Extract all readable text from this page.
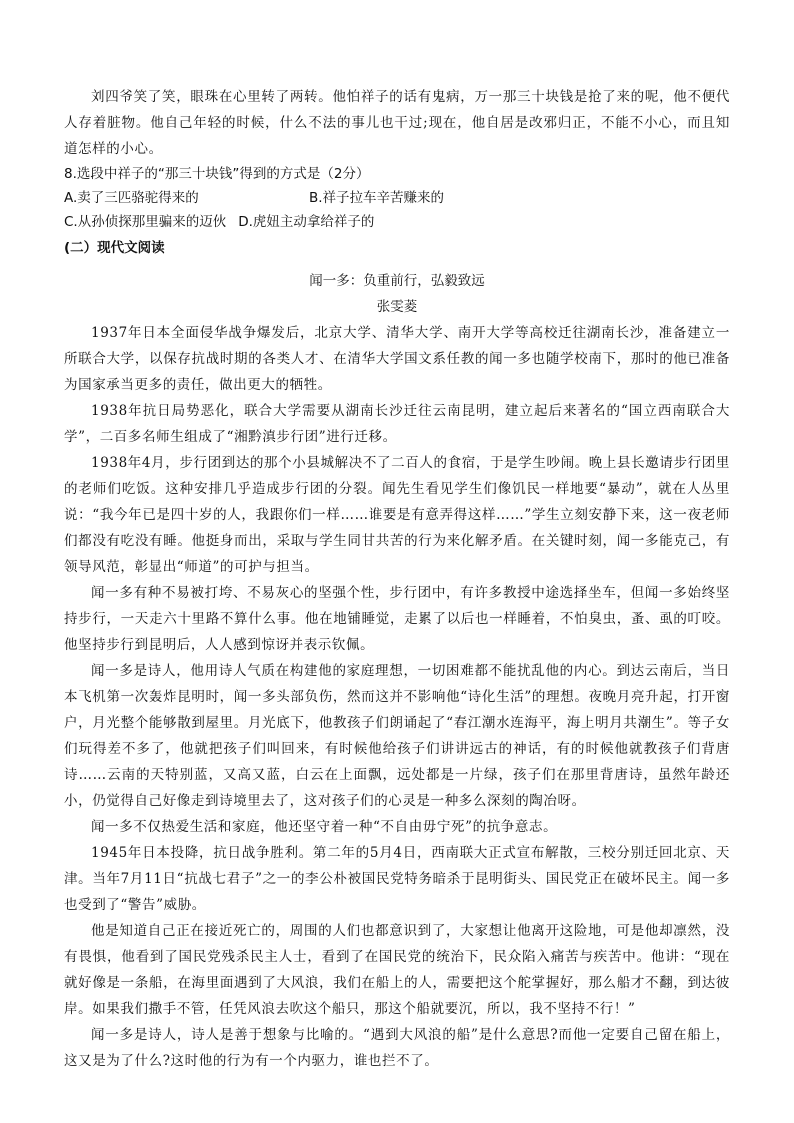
刘四爷笑了笑，眼珠在心里转了两转。他怕祥子的话有鬼病，万一那三十块钱是抢了来的呢，他不便代人存着脏物。他自己年轻的时候，什么不法的事儿也干过;现在，他自居是改邪归正，不能不小心，而且知道怎样的小心。

8.选段中祥子的“那三十块钱”得到的方式是（2分）

A.卖了三匹骆驼得来的	B.祥子拉车辛苦赚来的
C.从孙侦探那里骗来的迈伙 D.虎妞主动拿给祥子的

(二）现代文阅读

闻一多：负重前行，弘毅致远

张雯菱

1937年日本全面侵华战争爆发后，北京大学、清华大学、南开大学等高校迁往湖南长沙，准备建立一所联合大学，以保存抗战时期的各类人才、在清华大学国文系任教的闻一多也随学校南下，那时的他已准备为国家承当更多的责任，做出更大的牺牲。

1938年抗日局势恶化，联合大学需要从湖南长沙迁往云南昆明，建立起后来著名的“国立西南联合大学”，二百多名师生组成了“湘黔滇步行团”进行迁移。

1938年4月，步行团到达的那个小县城解决不了二百人的食宿，于是学生吵闹。晚上县长邀请步行团里的老师们吃饭。这种安排几乎造成步行团的分裂。闻先生看见学生们像饥民一样地要“暴动”，就在人丛里说：“我今年已是四十岁的人，我跟你们一样……谁要是有意弄得这样……”学生立刻安静下来，这一夜老师们都没有吃没有睡。他挺身而出，采取与学生同甘共苦的行为来化解矛盾。在关键时刻，闻一多能克己，有领导风范，彰显出“师道”的可护与担当。

闻一多有种不易被打垮、不易灰心的坚强个性，步行团中，有许多教授中途选择坐车，但闻一多始终坚持步行，一天走六十里路不算什么事。他在地铺睡觉，走累了以后也一样睡着，不怕臭虫，蚤、虱的叮咬。他坚持步行到昆明后，人人感到惊讶并表示钦佩。

闻一多是诗人，他用诗人气质在构建他的家庭理想，一切困难都不能扰乱他的内心。到达云南后，当日本飞机第一次轰炸昆明时，闻一多头部负伤，然而这并不影响他“诗化生活”的理想。夜晚月亮升起，打开窗户，月光整个能够散到屋里。月光底下，他教孩子们朗诵起了“春江潮水连海平，海上明月共潮生”。等子女们玩得差不多了，他就把孩子们叫回来，有时候他给孩子们讲讲远古的神话，有的时候他就教孩子们背唐诗……云南的天特别蓝，又高又蓝，白云在上面飘，远处都是一片绿，孩子们在那里背唐诗，虽然年龄还小，仍觉得自己好像走到诗境里去了，这对孩子们的心灵是一种多么深刻的陶冶呀。

闻一多不仅热爱生活和家庭，他还坚守着一种“不自由毋宁死”的抗争意志。

1945年日本投降，抗日战争胜利。第二年的5月4日，西南联大正式宣布解散，三校分别迁回北京、天津。当年7月11日“抗战七君子”之一的李公朴被国民党特务暗杀于昆明街头、国民党正在破坏民主。闻一多也受到了“警告”威胁。

他是知道自己正在接近死亡的，周围的人们也都意识到了，大家想让他离开这险地，可是他却凛然，没有畏惧，他看到了国民党残杀民主人士，看到了在国民党的统治下，民众陷入痛苦与疾苦中。他讲：“现在就好像是一条船，在海里面遇到了大风浪，我们在船上的人，需要把这个舵掌握好，那么船才不翻，到达彼岸。如果我们撒手不管，任凭风浪去吹这个船只，那这个船就要沉，所以，我不坚持不行！”

闻一多是诗人，诗人是善于想象与比喻的。“遇到大风浪的船”是什么意思?而他一定要自己留在船上，这又是为了什么?这时他的行为有一个内驱力，谁也拦不了。
